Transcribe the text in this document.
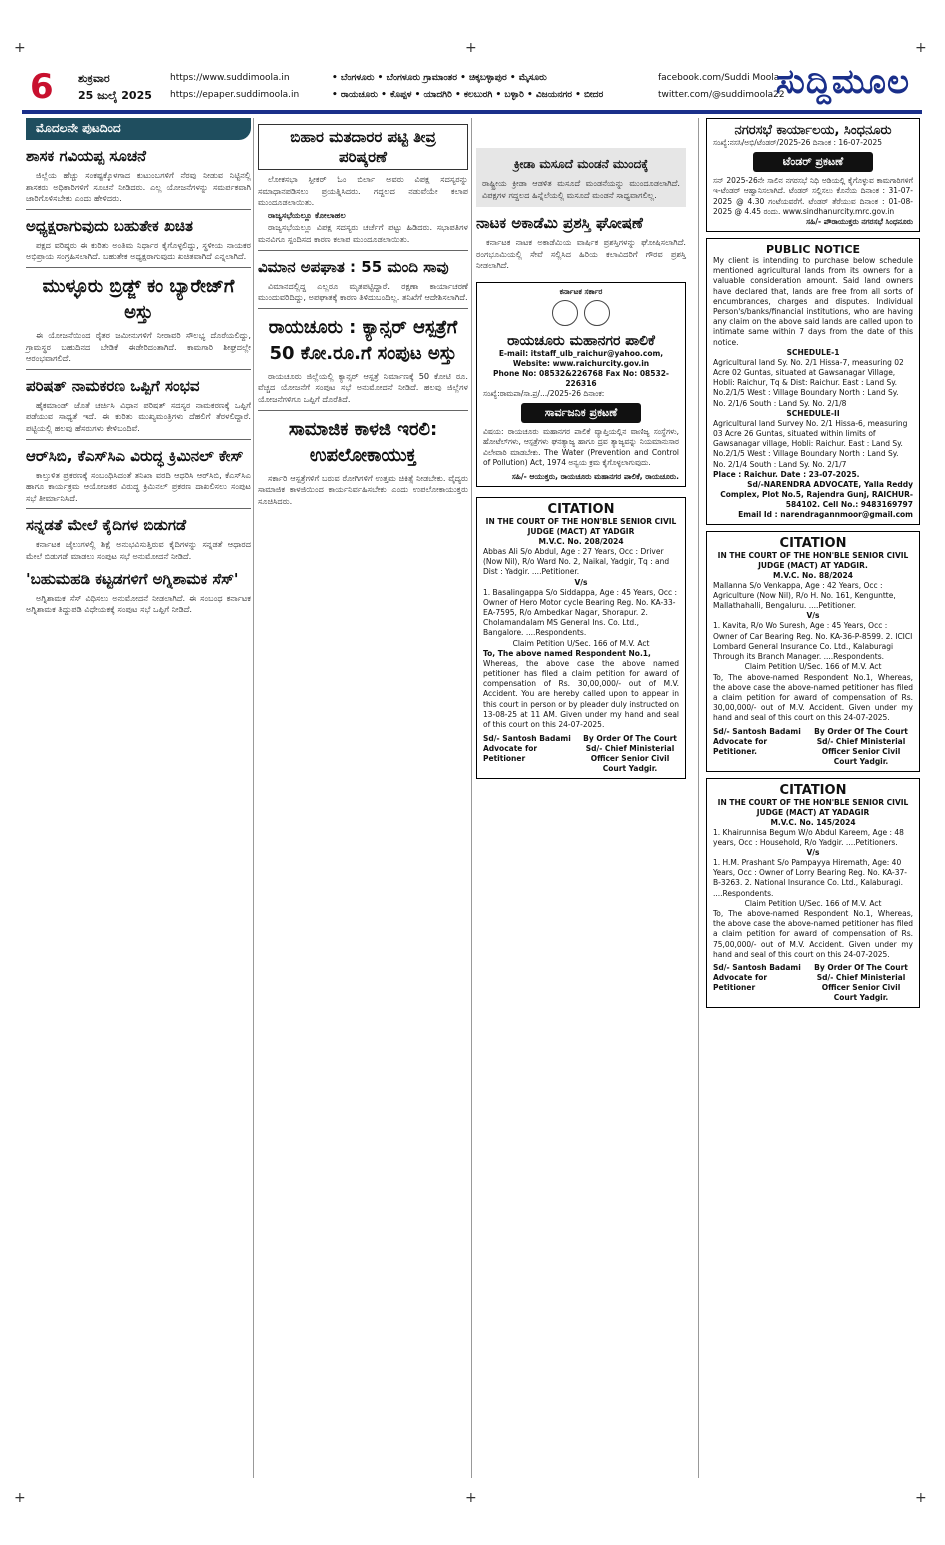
+	+	+
+	+	+
6 ಶುಕ್ರವಾರ
25 ಜುಲೈ 2025
https://www.suddimoola.in
https://epaper.suddimoola.in
• ಬೆಂಗಳೂರು • ಬೆಂಗಳೂರು ಗ್ರಾಮಾಂತರ • ಚಿಕ್ಕಬಳ್ಳಾಪುರ • ಮೈಸೂರು
• ರಾಯಚೂರು • ಕೊಪ್ಪಳ • ಯಾದಗಿರಿ • ಕಲಬುರಗಿ • ಬಳ್ಳಾರಿ • ವಿಜಯನಗರ • ಬೀದರ
facebook.com/Suddi Moola
twitter.com/@suddimoola22
ಸುದ್ದಿಮೂಲ
ಮೊದಲನೇ ಪುಟದಿಂದ
ಶಾಸಕ ಗವಿಯಪ್ಪ ಸೂಚನೆ

ಜಿಲ್ಲೆಯ ಹೆಚ್ಚು ಸಂಕಷ್ಟಕ್ಕೊಳಗಾದ ಕುಟುಂಬಗಳಿಗೆ ನೆರವು ನೀಡುವ ನಿಟ್ಟಿನಲ್ಲಿ ಶಾಸಕರು ಅಧಿಕಾರಿಗಳಿಗೆ ಸೂಚನೆ ನೀಡಿದರು. ಎಲ್ಲ ಯೋಜನೆಗಳನ್ನು ಸಮರ್ಪಕವಾಗಿ ಜಾರಿಗೊಳಿಸಬೇಕು ಎಂದು ಹೇಳಿದರು.

ಅಧ್ಯಕ್ಷರಾಗುವುದು ಬಹುತೇಕ ಖಚಿತ

ಪಕ್ಷದ ವರಿಷ್ಠರು ಈ ಕುರಿತು ಅಂತಿಮ ನಿರ್ಧಾರ ಕೈಗೊಳ್ಳಲಿದ್ದು, ಸ್ಥಳೀಯ ನಾಯಕರ ಅಭಿಪ್ರಾಯ ಸಂಗ್ರಹಿಸಲಾಗಿದೆ. ಬಹುತೇಕ ಅಧ್ಯಕ್ಷರಾಗುವುದು ಖಚಿತವಾಗಿದೆ ಎನ್ನಲಾಗಿದೆ.

ಮುಳ್ಳೂರು ಬ್ರಿಡ್ಜ್ ಕಂ ಬ್ಯಾರೇಜ್‌ಗೆ ಅಸ್ತು

ಈ ಯೋಜನೆಯಿಂದ ರೈತರ ಜಮೀನುಗಳಿಗೆ ನೀರಾವರಿ ಸೌಲಭ್ಯ ದೊರೆಯಲಿದ್ದು, ಗ್ರಾಮಸ್ಥರ ಬಹುದಿನದ ಬೇಡಿಕೆ ಈಡೇರಿದಂತಾಗಿದೆ. ಕಾಮಗಾರಿ ಶೀಘ್ರದಲ್ಲೇ ಆರಂಭವಾಗಲಿದೆ.

ಪರಿಷತ್ ನಾಮಕರಣ ಒಪ್ಪಿಗೆ ಸಂಭವ

ಹೈಕಮಾಂಡ್ ಜೊತೆ ಚರ್ಚಿಸಿ ವಿಧಾನ ಪರಿಷತ್ ಸದಸ್ಯರ ನಾಮಕರಣಕ್ಕೆ ಒಪ್ಪಿಗೆ ಪಡೆಯುವ ಸಾಧ್ಯತೆ ಇದೆ. ಈ ಕುರಿತು ಮುಖ್ಯಮಂತ್ರಿಗಳು ದೆಹಲಿಗೆ ತೆರಳಲಿದ್ದಾರೆ. ಪಟ್ಟಿಯಲ್ಲಿ ಹಲವು ಹೆಸರುಗಳು ಕೇಳಿಬಂದಿವೆ.

ಆರ್‌ಸಿಬಿ, ಕೆಎಸ್‌ಸಿಎ ವಿರುದ್ಧ ಕ್ರಿಮಿನಲ್ ಕೇಸ್

ಕಾಲ್ತುಳಿತ ಪ್ರಕರಣಕ್ಕೆ ಸಂಬಂಧಿಸಿದಂತೆ ತನಿಖಾ ವರದಿ ಆಧರಿಸಿ ಆರ್‌ಸಿಬಿ, ಕೆಎಸ್‌ಸಿಎ ಹಾಗೂ ಕಾರ್ಯಕ್ರಮ ಆಯೋಜಕರ ವಿರುದ್ಧ ಕ್ರಿಮಿನಲ್ ಪ್ರಕರಣ ದಾಖಲಿಸಲು ಸಂಪುಟ ಸಭೆ ತೀರ್ಮಾನಿಸಿದೆ.

ಸನ್ನಡತೆ ಮೇಲೆ ಕೈದಿಗಳ ಬಿಡುಗಡೆ

ಕರ್ನಾಟಕ ಜೈಲುಗಳಲ್ಲಿ ಶಿಕ್ಷೆ ಅನುಭವಿಸುತ್ತಿರುವ ಕೈದಿಗಳನ್ನು ಸನ್ನಡತೆ ಆಧಾರದ ಮೇಲೆ ಬಿಡುಗಡೆ ಮಾಡಲು ಸಂಪುಟ ಸಭೆ ಅನುಮೋದನೆ ನೀಡಿದೆ.

'ಬಹುಮಹಡಿ ಕಟ್ಟಡಗಳಿಗೆ ಅಗ್ನಿಶಾಮಕ ಸೆಸ್'

ಅಗ್ನಿಶಾಮಕ ಸೆಸ್ ವಿಧಿಸಲು ಅನುಮೋದನೆ ನೀಡಲಾಗಿದೆ. ಈ ಸಂಬಂಧ ಕರ್ನಾಟಕ ಅಗ್ನಿಶಾಮಕ ತಿದ್ದುಪಡಿ ವಿಧೇಯಕಕ್ಕೆ ಸಂಪುಟ ಸಭೆ ಒಪ್ಪಿಗೆ ನೀಡಿದೆ.

ಬಿಹಾರ ಮತದಾರರ ಪಟ್ಟಿ ತೀವ್ರ ಪರಿಷ್ಕರಣೆ

ಲೋಕಸಭಾ ಸ್ಪೀಕರ್ ಓಂ ಬಿರ್ಲಾ ಅವರು ವಿಪಕ್ಷ ಸದಸ್ಯರನ್ನು ಸಮಾಧಾನಪಡಿಸಲು ಪ್ರಯತ್ನಿಸಿದರು. ಗದ್ದಲದ ನಡುವೆಯೇ ಕಲಾಪ ಮುಂದೂಡಲಾಯಿತು.

ರಾಜ್ಯಸಭೆಯಲ್ಲೂ ಕೋಲಾಹಲ

ರಾಜ್ಯಸಭೆಯಲ್ಲೂ ವಿಪಕ್ಷ ಸದಸ್ಯರು ಚರ್ಚೆಗೆ ಪಟ್ಟು ಹಿಡಿದರು. ಸಭಾಪತಿಗಳ ಮನವಿಗೂ ಸ್ಪಂದಿಸದ ಕಾರಣ ಕಲಾಪ ಮುಂದೂಡಲಾಯಿತು.

ವಿಮಾನ ಅಪಘಾತ : 55 ಮಂದಿ ಸಾವು

ವಿಮಾನದಲ್ಲಿದ್ದ ಎಲ್ಲರೂ ಮೃತಪಟ್ಟಿದ್ದಾರೆ. ರಕ್ಷಣಾ ಕಾರ್ಯಾಚರಣೆ ಮುಂದುವರಿದಿದ್ದು, ಅಪಘಾತಕ್ಕೆ ಕಾರಣ ತಿಳಿದುಬಂದಿಲ್ಲ. ತನಿಖೆಗೆ ಆದೇಶಿಸಲಾಗಿದೆ.

ರಾಯಚೂರು : ಕ್ಯಾನ್ಸರ್ ಆಸ್ಪತ್ರೆಗೆ 50 ಕೋ.ರೂ.ಗೆ ಸಂಪುಟ ಅಸ್ತು

ರಾಯಚೂರು ಜಿಲ್ಲೆಯಲ್ಲಿ ಕ್ಯಾನ್ಸರ್ ಆಸ್ಪತ್ರೆ ನಿರ್ಮಾಣಕ್ಕೆ 50 ಕೋಟಿ ರೂ. ವೆಚ್ಚದ ಯೋಜನೆಗೆ ಸಂಪುಟ ಸಭೆ ಅನುಮೋದನೆ ನೀಡಿದೆ. ಹಲವು ಜಿಲ್ಲೆಗಳ ಯೋಜನೆಗಳಿಗೂ ಒಪ್ಪಿಗೆ ದೊರೆತಿದೆ.

ಸಾಮಾಜಿಕ ಕಾಳಜಿ ಇರಲಿ: ಉಪಲೋಕಾಯುಕ್ತ

ಸರ್ಕಾರಿ ಆಸ್ಪತ್ರೆಗಳಿಗೆ ಬರುವ ರೋಗಿಗಳಿಗೆ ಉತ್ತಮ ಚಿಕಿತ್ಸೆ ನೀಡಬೇಕು. ವೈದ್ಯರು ಸಾಮಾಜಿಕ ಕಾಳಜಿಯಿಂದ ಕಾರ್ಯನಿರ್ವಹಿಸಬೇಕು ಎಂದು ಉಪಲೋಕಾಯುಕ್ತರು ಸೂಚಿಸಿದರು.

ಕ್ರೀಡಾ ಮಸೂದೆ ಮಂಡನೆ ಮುಂದಕ್ಕೆ
ರಾಷ್ಟ್ರೀಯ ಕ್ರೀಡಾ ಆಡಳಿತ ಮಸೂದೆ ಮಂಡನೆಯನ್ನು ಮುಂದೂಡಲಾಗಿದೆ. ವಿಪಕ್ಷಗಳ ಗದ್ದಲದ ಹಿನ್ನೆಲೆಯಲ್ಲಿ ಮಸೂದೆ ಮಂಡನೆ ಸಾಧ್ಯವಾಗಲಿಲ್ಲ.
ನಾಟಕ ಅಕಾಡೆಮಿ ಪ್ರಶಸ್ತಿ ಘೋಷಣೆ

ಕರ್ನಾಟಕ ನಾಟಕ ಅಕಾಡೆಮಿಯ ವಾರ್ಷಿಕ ಪ್ರಶಸ್ತಿಗಳನ್ನು ಘೋಷಿಸಲಾಗಿದೆ. ರಂಗಭೂಮಿಯಲ್ಲಿ ಸೇವೆ ಸಲ್ಲಿಸಿದ ಹಿರಿಯ ಕಲಾವಿದರಿಗೆ ಗೌರವ ಪ್ರಶಸ್ತಿ ನೀಡಲಾಗಿದೆ.

ಕರ್ನಾಟಕ ಸರ್ಕಾರ

ರಾಯಚೂರು ಮಹಾನಗರ ಪಾಲಿಕೆ
E-mail: itstaff_ulb_raichur@yahoo.com,
Website: www.raichurcity.gov.in
Phone No: 08532&226768 Fax No: 08532-226316
ಸಂಖ್ಯೆ:ರಾಮಪಾ/ಸಾ.ಪ್ರ/.../2025-26 ದಿನಾಂಕ:
ಸಾರ್ವಜನಿಕ ಪ್ರಕಟಣೆ
ವಿಷಯ: ರಾಯಚೂರು ಮಹಾನಗರ ಪಾಲಿಕೆ ವ್ಯಾಪ್ತಿಯಲ್ಲಿನ ವಾಣಿಜ್ಯ ಸಂಸ್ಥೆಗಳು, ಹೋಟೆಲ್‌ಗಳು, ಆಸ್ಪತ್ರೆಗಳು ಘನತ್ಯಾಜ್ಯ ಹಾಗೂ ದ್ರವ ತ್ಯಾಜ್ಯವನ್ನು ನಿಯಮಾನುಸಾರ ವಿಲೇವಾರಿ ಮಾಡಬೇಕು. The Water (Prevention and Control of Pollution) Act, 1974 ಅನ್ವಯ ಕ್ರಮ ಕೈಗೊಳ್ಳಲಾಗುವುದು.
ಸಹಿ/- ಆಯುಕ್ತರು, ರಾಯಚೂರು ಮಹಾನಗರ ಪಾಲಿಕೆ, ರಾಯಚೂರು.
CITATION
IN THE COURT OF THE HON'BLE SENIOR CIVIL JUDGE (MACT) AT YADGIR
M.V.C. No. 208/2024
Abbas Ali S/o Abdul, Age : 27 Years, Occ : Driver (Now Nil), R/o Ward No. 2, Naikal, Yadgir, Tq : and Dist : Yadgir. ....Petitioner.
V/s
1. Basalingappa S/o Siddappa, Age : 45 Years, Occ : Owner of Hero Motor cycle Bearing Reg. No. KA-33-EA-7595, R/o Ambedkar Nagar, Shorapur. 2. Cholamandalam MS General Ins. Co. Ltd., Bangalore. ....Respondents.
Claim Petition U/Sec. 166 of M.V. Act
To, The above named Respondent No.1,
Whereas, the above case the above named petitioner has filed a claim petition for award of compensation of Rs. 30,00,000/- out of M.V. Accident. You are hereby called upon to appear in this court in person or by pleader duly instructed on 13-08-25 at 11 AM. Given under my hand and seal of this court on this 24-07-2025.
Sd/- Santosh Badami Advocate for Petitioner
By Order Of The Court Sd/- Chief Ministerial Officer Senior Civil Court Yadgir.
ನಗರಸಭೆ ಕಾರ್ಯಾಲಯ, ಸಿಂಧನೂರು
ಸಂಖ್ಯೆ:ನಸಸಿ/ಅಭಿ/ಟೆಂಡರ್/2025-26 ದಿನಾಂಕ : 16-07-2025
ಟೆಂಡರ್ ಪ್ರಕಟಣೆ
ಸನ್ 2025-26ನೇ ಸಾಲಿನ ನಗರಸಭೆ ನಿಧಿ ಅಡಿಯಲ್ಲಿ ಕೈಗೊಳ್ಳುವ ಕಾಮಗಾರಿಗಳಿಗೆ ಇ-ಟೆಂಡರ್ ಆಹ್ವಾನಿಸಲಾಗಿದೆ. ಟೆಂಡರ್ ಸಲ್ಲಿಸಲು ಕೊನೆಯ ದಿನಾಂಕ : 31-07-2025 @ 4.30 ಗಂಟೆಯವರೆಗೆ. ಟೆಂಡರ್ ತೆರೆಯುವ ದಿನಾಂಕ : 01-08-2025 @ 4.45 ರಂದು. www.sindhanurcity.mrc.gov.in
ಸಹಿ/- ಪೌರಾಯುಕ್ತರು ನಗರಸಭೆ ಸಿಂಧನೂರು
PUBLIC NOTICE
My client is intending to purchase below schedule mentioned agricultural lands from its owners for a valuable consideration amount. Said land owners have declared that, lands are free from all sorts of encumbrances, charges and disputes. Individual Person's/banks/financial institutions, who are having any claim on the above said lands are called upon to intimate same within 7 days from the date of this notice.
SCHEDULE-1
Agricultural land Sy. No. 2/1 Hissa-7, measuring 02 Acre 02 Guntas, situated at Gawsanagar Village, Hobli: Raichur, Tq & Dist: Raichur. East : Land Sy. No.2/1/5 West : Village Boundary North : Land Sy. No. 2/1/6 South : Land Sy. No. 2/1/8
SCHEDULE-II
Agricultural land Survey No. 2/1 Hissa-6, measuring 03 Acre 26 Guntas, situated within limits of Gawsanagar village, Hobli: Raichur. East : Land Sy. No.2/1/5 West : Village Boundary North : Land Sy. No. 2/1/4 South : Land Sy. No. 2/1/7
Place : Raichur. Date : 23-07-2025.
Sd/-NARENDRA ADVOCATE, Yalla Reddy Complex, Plot No.5, Rajendra Gunj, RAICHUR-584102. Cell No.: 9483169797
Email Id : narendragannmoor@gmail.com
CITATION
IN THE COURT OF THE HON'BLE SENIOR CIVIL JUDGE (MACT) AT YADGIR.
M.V.C. No. 88/2024
Mallanna S/o Venkappa, Age : 42 Years, Occ : Agriculture (Now Nil), R/o H. No. 161, Kenguntte, Mallathahalli, Bengaluru. ....Petitioner.
V/s
1. Kavita, R/o Wo Suresh, Age : 45 Years, Occ : Owner of Car Bearing Reg. No. KA-36-P-8599. 2. ICICI Lombard General Insurance Co. Ltd., Kalaburagi Through its Branch Manager. ....Respondents.
Claim Petition U/Sec. 166 of M.V. Act
To, The above-named Respondent No.1, Whereas, the above case the above-named petitioner has filed a claim petition for award of compensation of Rs. 30,00,000/- out of M.V. Accident. Given under my hand and seal of this court on this 24-07-2025.
Sd/- Santosh Badami Advocate for Petitioner.
By Order Of The Court Sd/- Chief Ministerial Officer Senior Civil Court Yadgir.
CITATION
IN THE COURT OF THE HON'BLE SENIOR CIVIL JUDGE (MACT) AT YADAGIR
M.V.C. No. 145/2024
1. Khairunnisa Begum W/o Abdul Kareem, Age : 48 years, Occ : Household, R/o Yadgir. ....Petitioners.
V/s
1. H.M. Prashant S/o Pampayya Hiremath, Age: 40 Years, Occ : Owner of Lorry Bearing Reg. No. KA-37-B-3263. 2. National Insurance Co. Ltd., Kalaburagi. ....Respondents.
Claim Petition U/Sec. 166 of M.V. Act
To, The above-named Respondent No.1, Whereas, the above case the above-named petitioner has filed a claim petition for award of compensation of Rs. 75,00,000/- out of M.V. Accident. Given under my hand and seal of this court on this 24-07-2025.
Sd/- Santosh Badami Advocate for Petitioner
By Order Of The Court Sd/- Chief Ministerial Officer Senior Civil Court Yadgir.
